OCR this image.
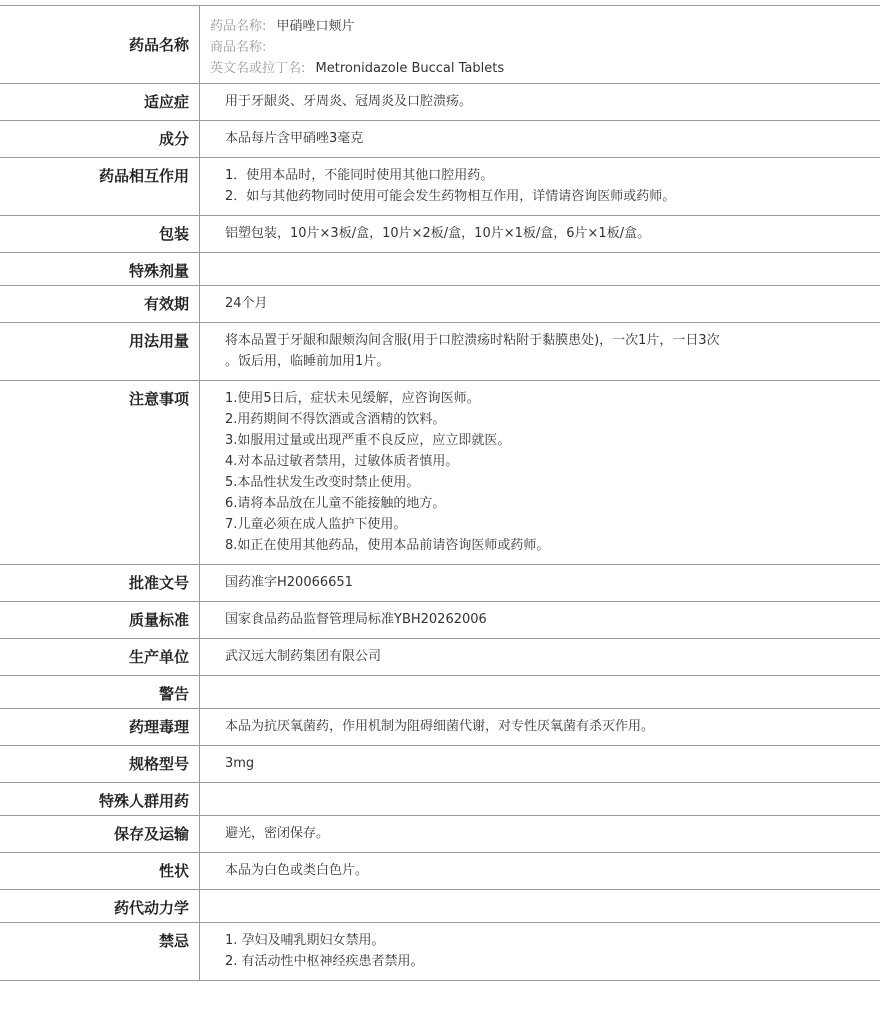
药品名称
药品名称: 甲硝唑口颊片
商品名称:
英文名或拉丁名: Metronidazole Buccal Tablets
适应症	用于牙龈炎、牙周炎、冠周炎及口腔溃疡。
成分	本品每片含甲硝唑3毫克
药品相互作用	1．使用本品时，不能同时使用其他口腔用药。
2．如与其他药物同时使用可能会发生药物相互作用，详情请咨询医师或药师。
包装	铝塑包装，10片×3板/盒，10片×2板/盒，10片×1板/盒，6片×1板/盒。
特殊剂量
有效期	24个月
用法用量	将本品置于牙龈和龈颊沟间含服(用于口腔溃疡时粘附于黏膜患处)，一次1片，一日3次
。饭后用，临睡前加用1片。
注意事项	1.使用5日后，症状未见缓解，应咨询医师。
2.用药期间不得饮酒或含酒精的饮料。
3.如服用过量或出现严重不良反应，应立即就医。
4.对本品过敏者禁用，过敏体质者慎用。
5.本品性状发生改变时禁止使用。
6.请将本品放在儿童不能接触的地方。
7.儿童必须在成人监护下使用。
8.如正在使用其他药品，使用本品前请咨询医师或药师。
批准文号	国药准字H20066651
质量标准	国家食品药品监督管理局标准YBH20262006
生产单位	武汉远大制药集团有限公司
警告
药理毒理	本品为抗厌氧菌药，作用机制为阻碍细菌代谢，对专性厌氧菌有杀灭作用。
规格型号	3mg
特殊人群用药
保存及运输	避光，密闭保存。
性状	本品为白色或类白色片。
药代动力学
禁忌	1. 孕妇及哺乳期妇女禁用。
2. 有活动性中枢神经疾患者禁用。
